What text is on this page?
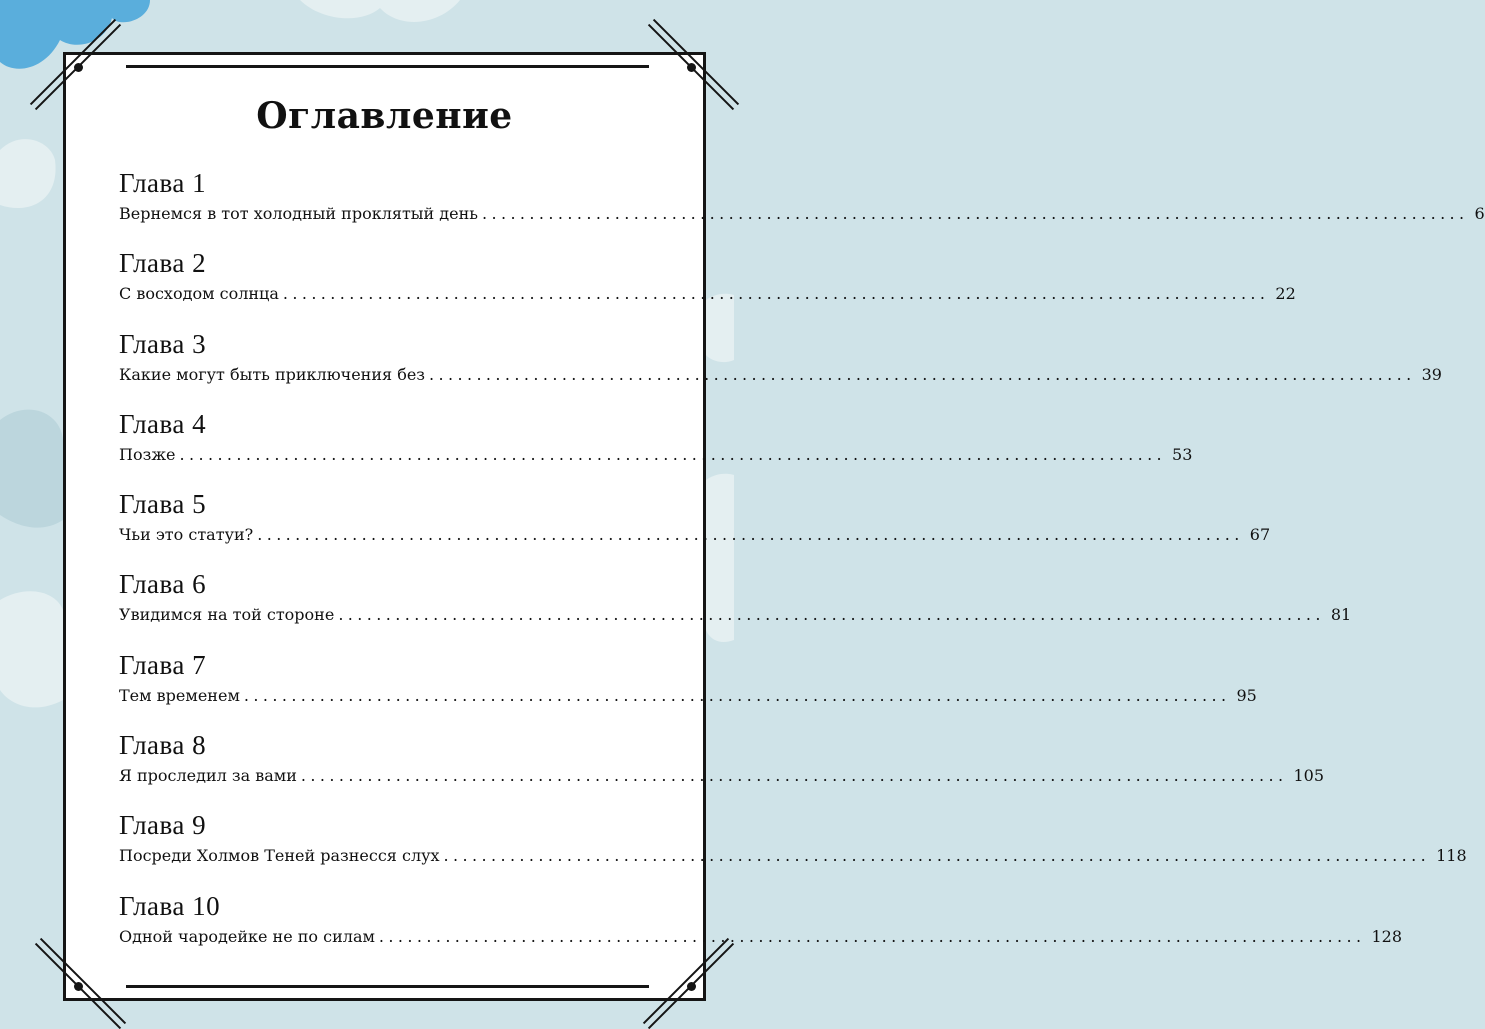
Оглавление
Глава 1
Вернемся в тот холодный проклятый день ........................................................................................................ 6
Глава 2
С восходом солнца ........................................................................................................ 22
Глава 3
Какие могут быть приключения без ........................................................................................................ 39
Глава 4
Позже ........................................................................................................ 53
Глава 5
Чьи это статуи? ........................................................................................................ 67
Глава 6
Увидимся на той стороне ........................................................................................................ 81
Глава 7
Тем временем ........................................................................................................ 95
Глава 8
Я проследил за вами ........................................................................................................ 105
Глава 9
Посреди Холмов Теней разнесся слух ........................................................................................................ 118
Глава 10
Одной чародейке не по силам ........................................................................................................ 128
